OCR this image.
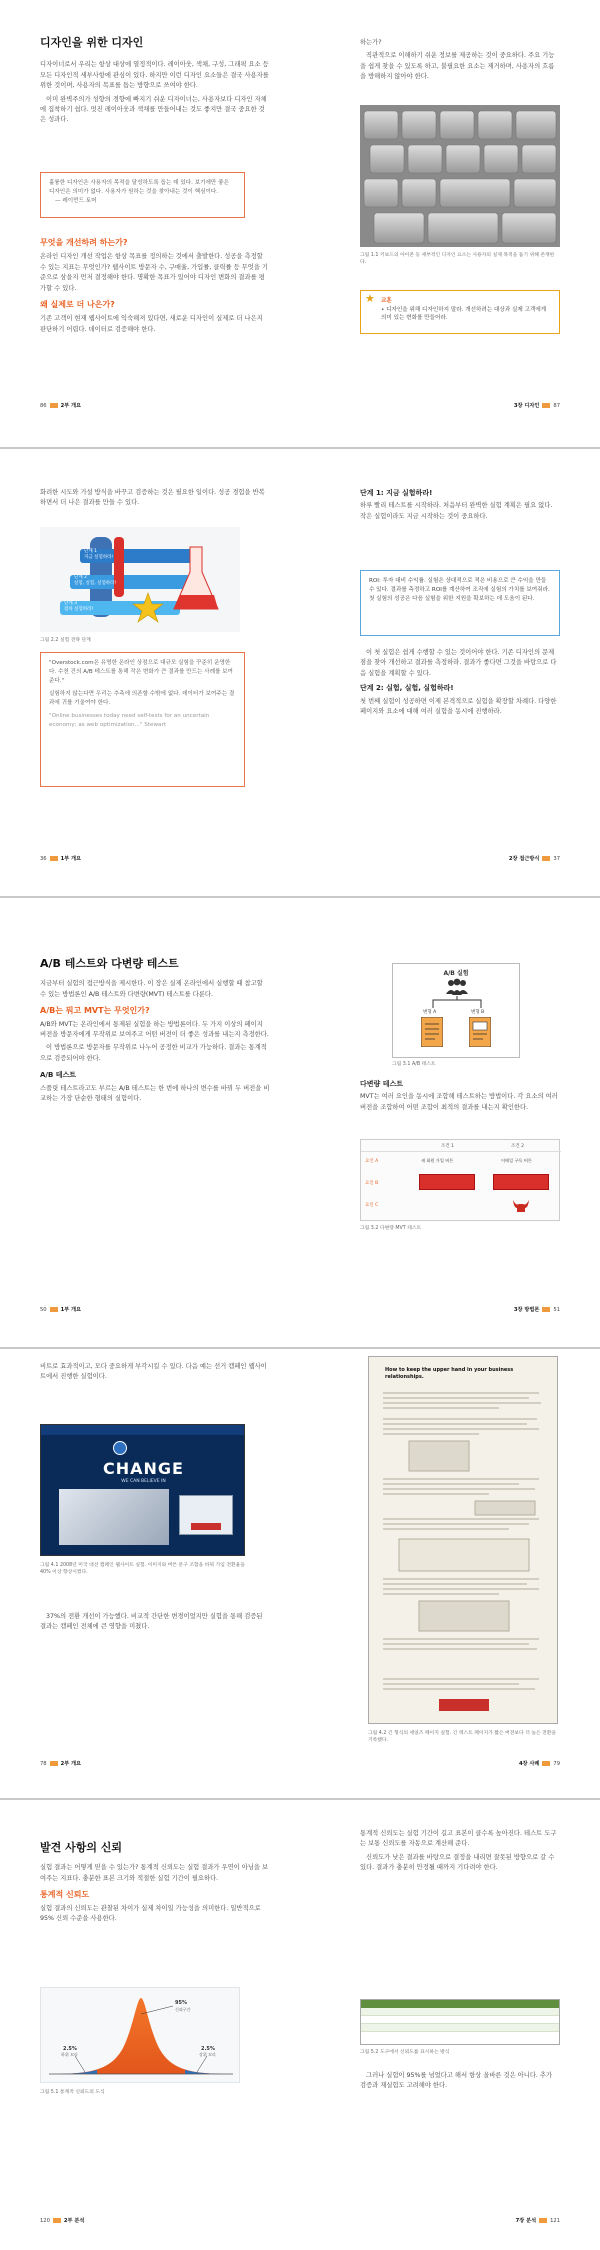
디자인을 위한 디자인

디자이너로서 우리는 항상 대상에 열정적이다. 레이아웃, 색채, 구성, 그래픽 요소 등 모든 디자인적 세부사항에 관심이 있다. 하지만 이런 디자인 요소들은 결국 사용자를 위한 것이며, 사용자의 목표를 돕는 방향으로 쓰여야 한다.

이미 완벽주의가 성향의 경향에 빠지기 쉬운 디자이너는, 사용자보다 디자인 자체에 집착하기 쉽다. 멋진 레이아웃과 색채를 만들어내는 것도 좋지만 결국 중요한 것은 성과다.

훌륭한 디자인은 사용자의 목적을 달성하도록 돕는 데 있다. 보기에만 좋은 디자인은 의미가 없다. 사용자가 원하는 것을 찾아내는 것이 핵심이다.
— 레이먼드 토머
무엇을 개선하려 하는가?

온라인 디자인 개선 작업은 항상 목표를 정의하는 것에서 출발한다. 성공을 측정할 수 있는 지표는 무엇인가? 웹사이트 방문자 수, 구매율, 가입률, 클릭률 등 무엇을 기준으로 삼을지 먼저 결정해야 한다. 명확한 목표가 있어야 디자인 변화의 결과를 평가할 수 있다.

왜 실제로 더 나은가?

기존 고객이 현재 웹사이트에 익숙해져 있다면, 새로운 디자인이 실제로 더 나은지 판단하기 어렵다. 데이터로 검증해야 한다.

86	2부 개요

하는가?

직관적으로 이해하기 쉬운 정보를 제공하는 것이 중요하다. 주요 기능을 쉽게 찾을 수 있도록 하고, 불필요한 요소는 제거하며, 사용자의 흐름을 방해하지 않아야 한다.

그림 1.1 키보드의 아이콘 등 세부적인 디자인 요소는 사용자의 실제 목적을 돕기 위해 존재한다.
★ 교훈
• 디자인을 위해 디자인하지 말라. 개선하려는 대상과 실제 고객에게 의미 있는 변화를 만들어라.
3장 디자인	87

화려한 시도와 가설 방식을 바꾸고 검증하는 것은 필요한 일이다. 성공 경험을 반복하면서 더 나은 결과를 만들 수 있다.

단계 1
지금 실험하라!
단계 2
실험, 실험, 실험하라!
단계 3
점차 실험하라!
그림 2.2 실험 전략 단계
"Overstock.com은 유명한 온라인 상점으로 대규모 실험을 꾸준히 운영한다. 수천 건의 A/B 테스트를 통해 작은 변화가 큰 결과를 만드는 사례를 보여준다."
실험하지 않는다면 우리는 추측에 의존할 수밖에 없다. 데이터가 보여주는 결과에 귀를 기울여야 한다.
"Online businesses today need self-tests for an uncertain economy; as web optimization..." Stewart
36	1부 개요
단계 1: 지금 실험하라!

하루 빨리 테스트를 시작하라. 처음부터 완벽한 실험 계획은 필요 없다. 작은 실험이라도 지금 시작하는 것이 중요하다.

ROI: 투자 대비 수익률. 실험은 상대적으로 적은 비용으로 큰 수익을 만들 수 있다. 결과를 측정하고 ROI를 계산하여 조직에 실험의 가치를 보여줘라. 첫 실험의 성공은 다음 실험을 위한 지원을 확보하는 데 도움이 된다.

이 첫 실험은 쉽게 수행할 수 있는 것이어야 한다. 기존 디자인의 문제점을 찾아 개선하고 결과를 측정하라. 결과가 좋다면 그것을 바탕으로 다음 실험을 계획할 수 있다.

단계 2: 실험, 실험, 실험하라!

첫 번째 실험이 성공하면 이제 본격적으로 실험을 확장할 차례다. 다양한 페이지와 요소에 대해 여러 실험을 동시에 진행하라.

2장 접근방식	37
A/B 테스트와 다변량 테스트

지금부터 실험의 접근방식을 제시한다. 이 장은 실제 온라인에서 실행할 때 참고할 수 있는 방법론인 A/B 테스트와 다변량(MVT) 테스트를 다룬다.

A/B는 뭐고 MVT는 무엇인가?

A/B와 MVT는 온라인에서 통제된 실험을 하는 방법론이다. 두 가지 이상의 페이지 버전을 방문자에게 무작위로 보여주고 어떤 버전이 더 좋은 성과를 내는지 측정한다.

이 방법론으로 방문자를 무작위로 나누어 공정한 비교가 가능하다. 결과는 통계적으로 검증되어야 한다.

A/B 테스트

스플릿 테스트라고도 부르는 A/B 테스트는 한 번에 하나의 변수를 바꿔 두 버전을 비교하는 가장 단순한 형태의 실험이다.

50	1부 개요
A/B 실험
변형 A	변형 B
그림 3.1 A/B 테스트
다변량 테스트

MVT는 여러 요인을 동시에 조합해 테스트하는 방법이다. 각 요소의 여러 버전을 조합하여 어떤 조합이 최적의 결과를 내는지 확인한다.

조건 1	조건 2
요인 A	새 회원 가입 버튼	이메일 구독 버튼
요인 B
요인 C
그림 3.2 다변량 MVT 테스트
3장 방법론	51

비트로 효과적이고, 모다 중요하게 부각시킬 수 있다. 다음 예는 선거 캠페인 웹사이트에서 진행한 실험이다.

CHANGE
WE CAN BELIEVE IN
그림 4.1 2008년 미국 대선 캠페인 웹사이트 실험. 이미지와 버튼 문구 조합을 바꿔 가입 전환율을 40% 이상 향상시켰다.

37%의 전환 개선이 가능했다. 비교적 간단한 변경이었지만 실험을 통해 검증된 결과는 캠페인 전체에 큰 영향을 미쳤다.

78	2부 개요
How to keep the upper hand in your business relationships.
그림 4.2 긴 형식의 세일즈 페이지 실험. 긴 텍스트 페이지가 짧은 버전보다 더 높은 전환을 기록했다.
4장 사례	79
발견 사항의 신뢰

실험 결과는 어떻게 믿을 수 있는가? 통계적 신뢰도는 실험 결과가 우연이 아님을 보여주는 지표다. 충분한 표본 크기와 적절한 실험 기간이 필요하다.

통계적 신뢰도

실험 결과의 신뢰도는 관찰된 차이가 실제 차이일 가능성을 의미한다. 일반적으로 95% 신뢰 수준을 사용한다.

95%
신뢰구간
2.5%
하위 꼬리
2.5%
상위 꼬리
그림 5.1 통계적 신뢰도의 도식
120	2부 분석

통계적 신뢰도는 실험 기간이 길고 표본이 클수록 높아진다. 테스트 도구는 보통 신뢰도를 자동으로 계산해 준다.

신뢰도가 낮은 결과를 바탕으로 결정을 내리면 잘못된 방향으로 갈 수 있다. 결과가 충분히 안정될 때까지 기다려야 한다.

그림 5.2 도구에서 신뢰도를 표시하는 방식

그러나 실험이 95%를 넘었다고 해서 항상 올바른 것은 아니다. 추가 검증과 재실험도 고려해야 한다.

7장 분석	121
